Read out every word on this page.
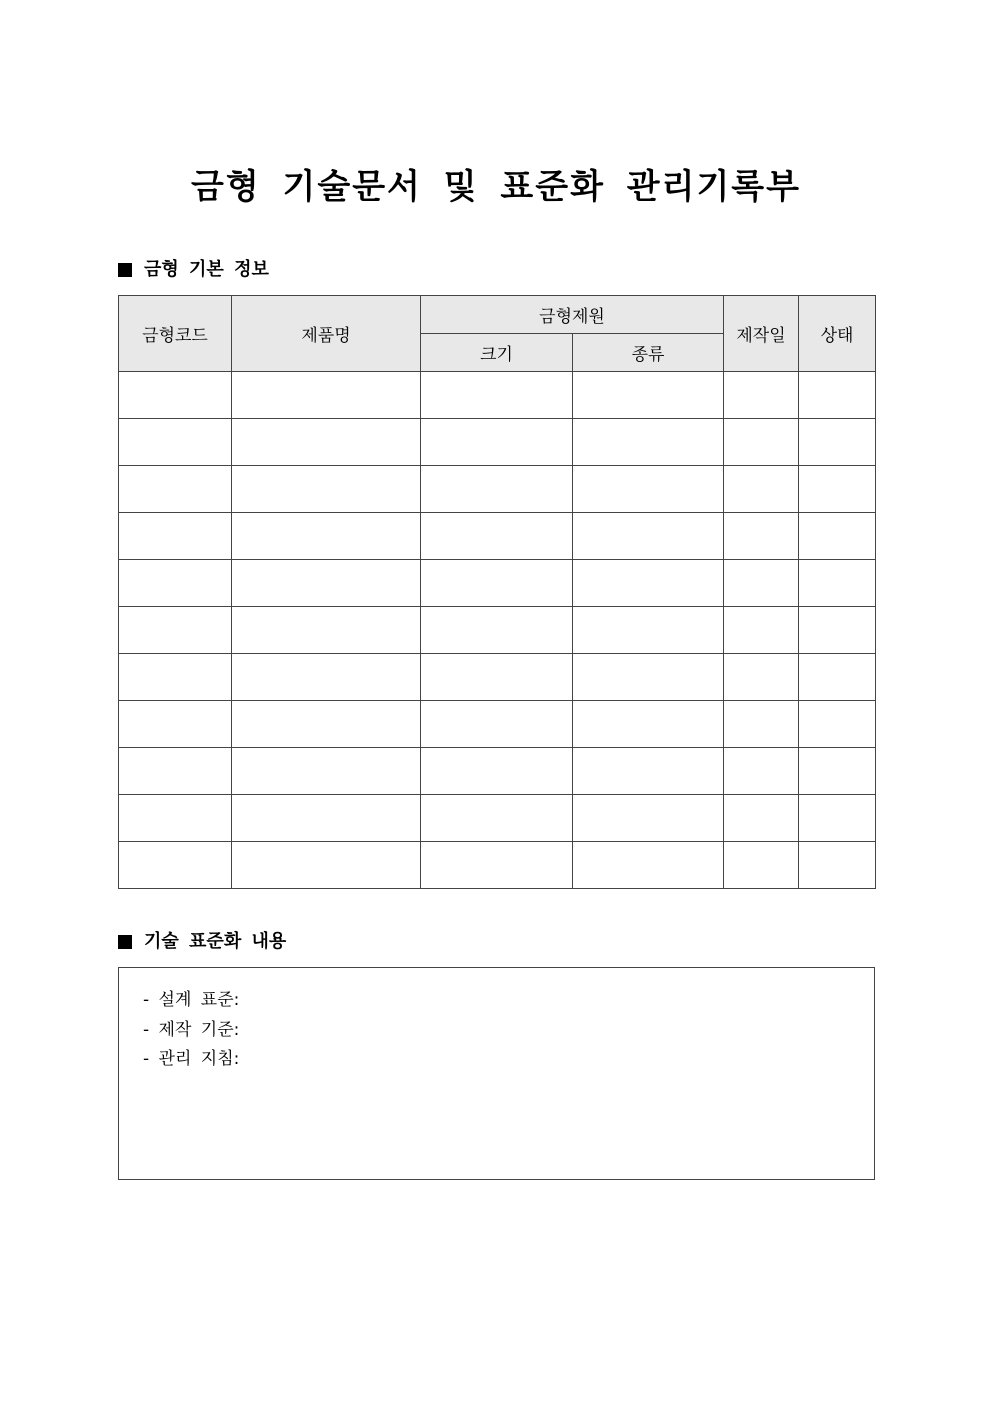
금형 기술문서 및 표준화 관리기록부
금형 기본 정보
금형코드	제품명	금형제원		제작일	상태
		크기	종류		

기술 표준화 내용
- 설계 표준:
- 제작 기준:
- 관리 지침:
